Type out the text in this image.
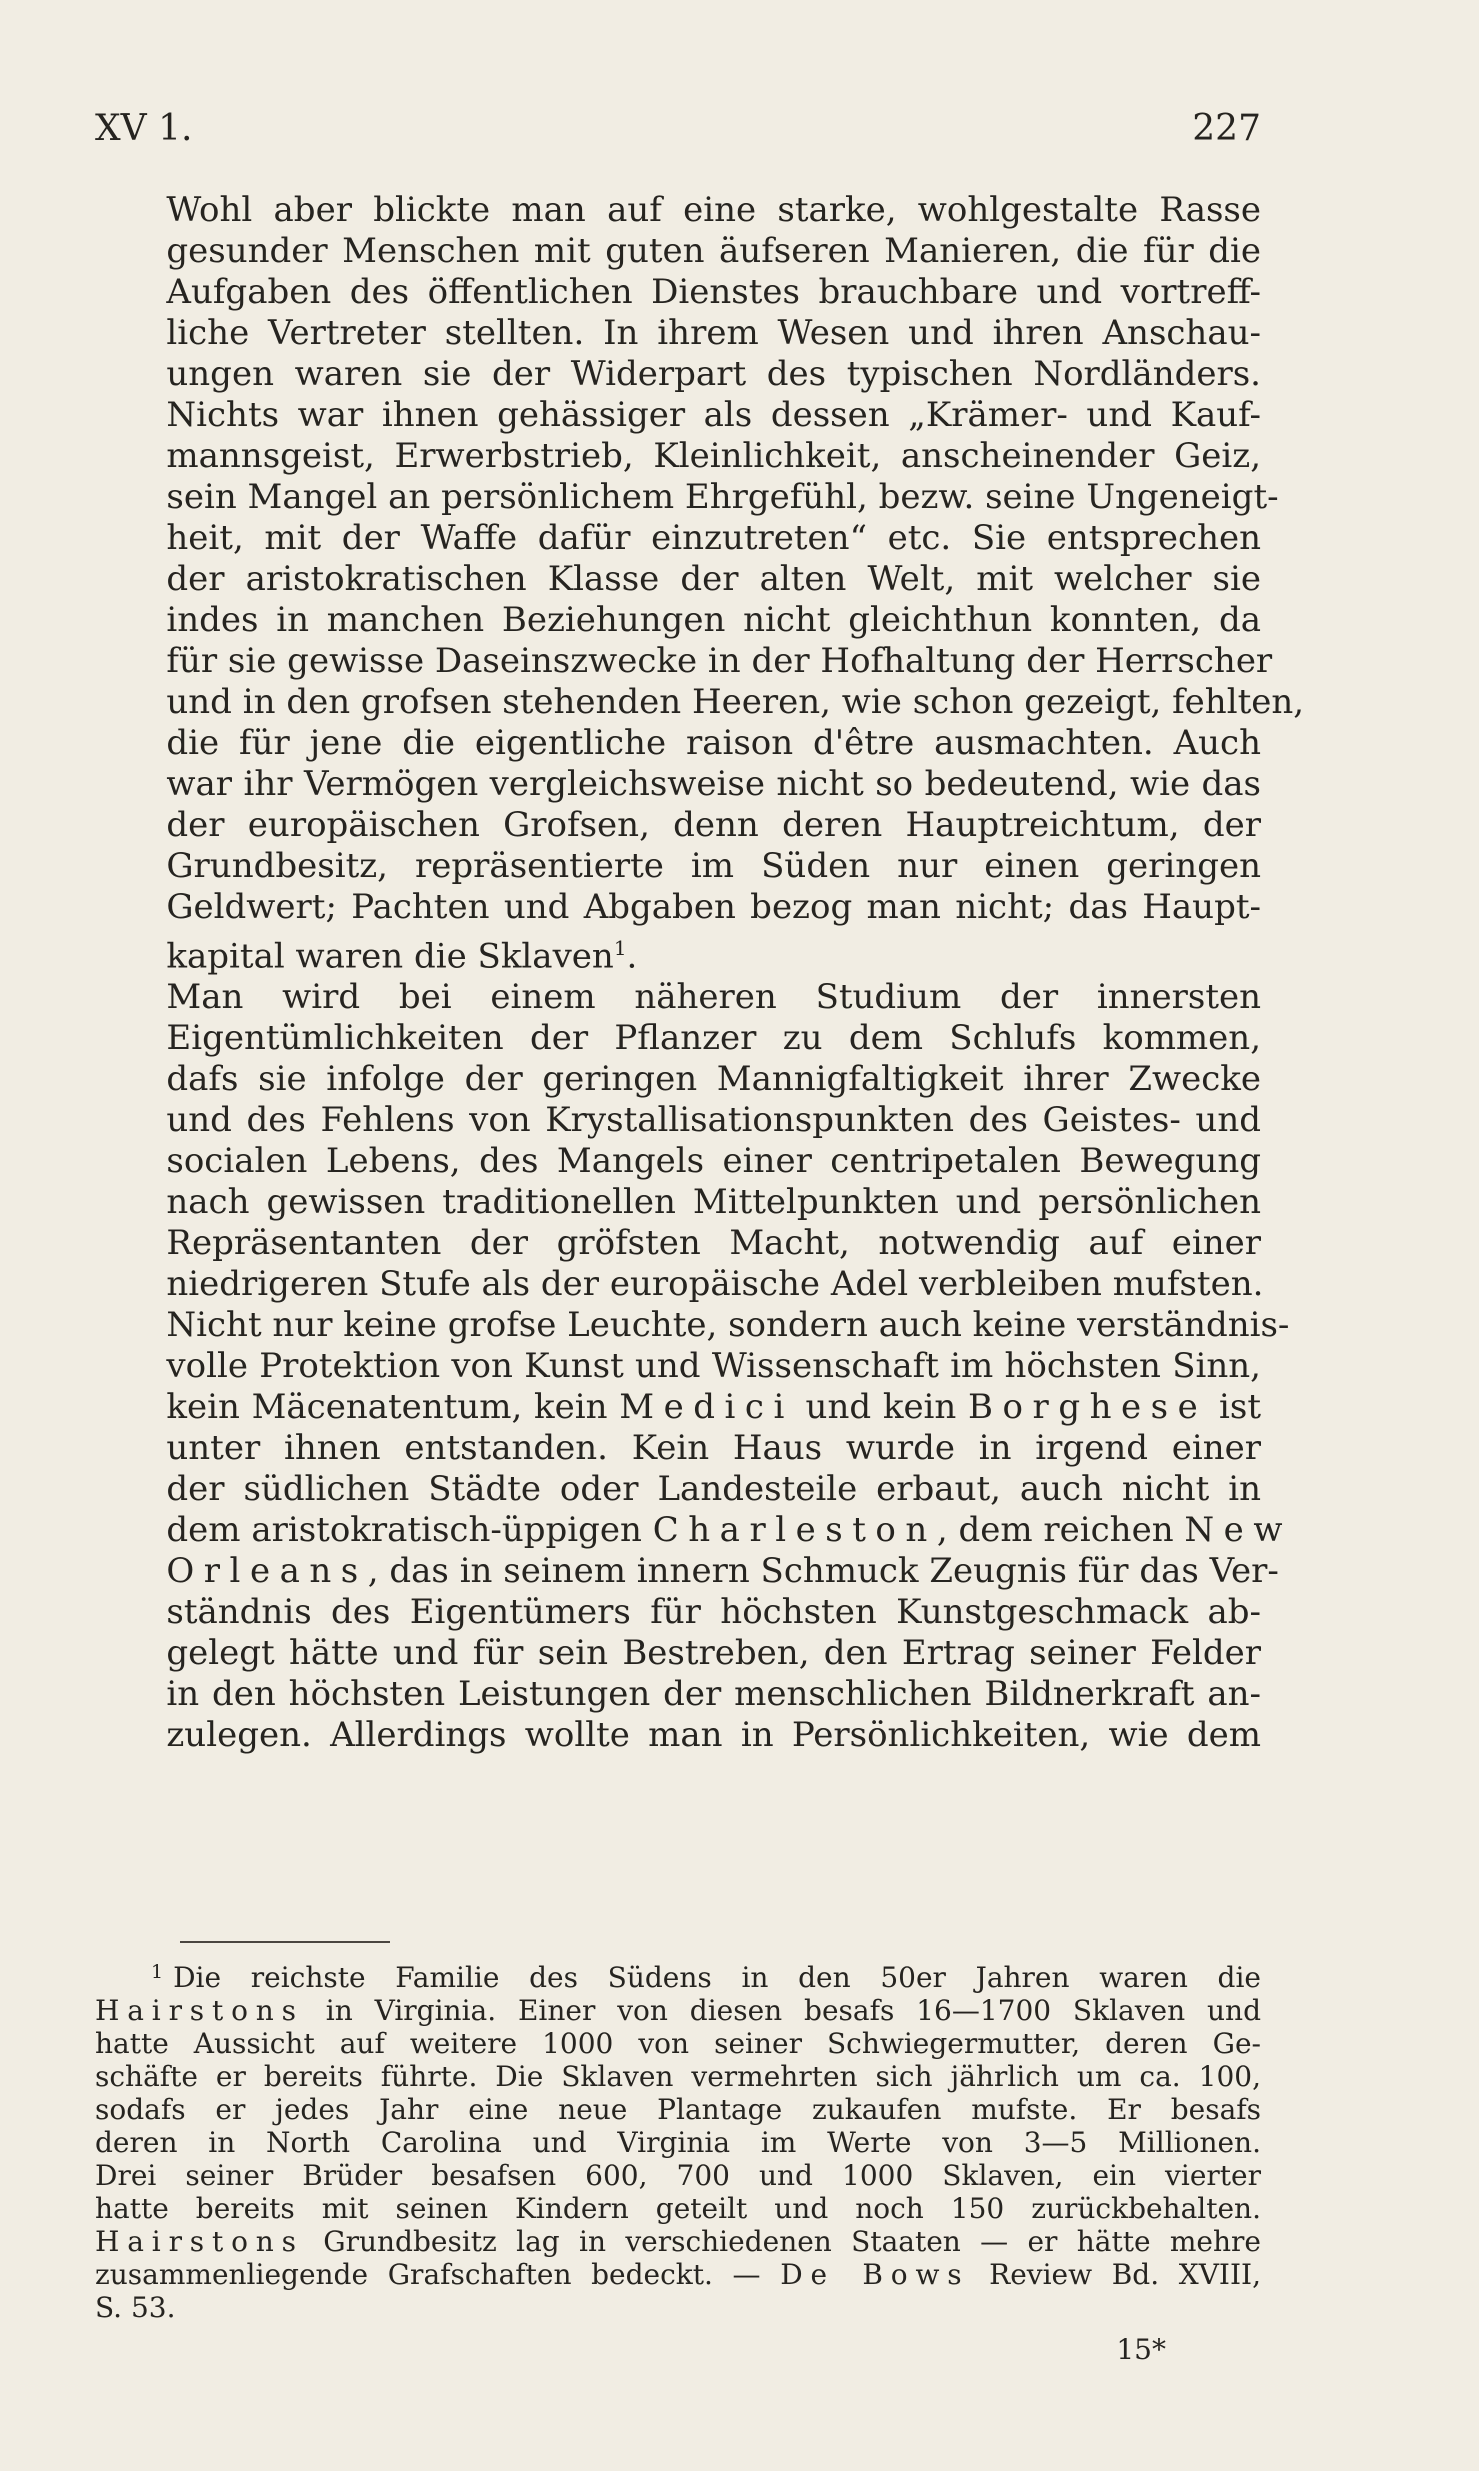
XV 1.	227

Wohl aber blickte man auf eine starke, wohlgestalte Rasse
gesunder Menschen mit guten äufseren Manieren, die für die
Aufgaben des öffentlichen Dienstes brauchbare und vortreff-
liche Vertreter stellten. In ihrem Wesen und ihren Anschau-
ungen waren sie der Widerpart des typischen Nordländers.
Nichts war ihnen gehässiger als dessen „Krämer- und Kauf-
mannsgeist, Erwerbstrieb, Kleinlichkeit, anscheinender Geiz,
sein Mangel an persönlichem Ehrgefühl, bezw. seine Ungeneigt-
heit, mit der Waffe dafür einzutreten“ etc. Sie entsprechen
der aristokratischen Klasse der alten Welt, mit welcher sie
indes in manchen Beziehungen nicht gleichthun konnten, da
für sie gewisse Daseinszwecke in der Hofhaltung der Herrscher
und in den grofsen stehenden Heeren, wie schon gezeigt, fehlten,
die für jene die eigentliche raison d'être ausmachten. Auch
war ihr Vermögen vergleichsweise nicht so bedeutend, wie das
der europäischen Grofsen, denn deren Hauptreichtum, der
Grundbesitz, repräsentierte im Süden nur einen geringen
Geldwert; Pachten und Abgaben bezog man nicht; das Haupt-
kapital waren die Sklaven$^1$.

Man wird bei einem näheren Studium der innersten
Eigentümlichkeiten der Pflanzer zu dem Schlufs kommen,
dafs sie infolge der geringen Mannigfaltigkeit ihrer Zwecke
und des Fehlens von Krystallisationspunkten des Geistes- und
socialen Lebens, des Mangels einer centripetalen Bewegung
nach gewissen traditionellen Mittelpunkten und persönlichen
Repräsentanten der gröfsten Macht, notwendig auf einer
niedrigeren Stufe als der europäische Adel verbleiben mufsten.
Nicht nur keine grofse Leuchte, sondern auch keine verständnis-
volle Protektion von Kunst und Wissenschaft im höchsten Sinn,
kein Mäcenatentum, kein Medici und kein Borghese ist
unter ihnen entstanden. Kein Haus wurde in irgend einer
der südlichen Städte oder Landesteile erbaut, auch nicht in
dem aristokratisch-üppigen Charleston, dem reichen New
Orleans, das in seinem innern Schmuck Zeugnis für das Ver-
ständnis des Eigentümers für höchsten Kunstgeschmack ab-
gelegt hätte und für sein Bestreben, den Ertrag seiner Felder
in den höchsten Leistungen der menschlichen Bildnerkraft an-
zulegen. Allerdings wollte man in Persönlichkeiten, wie dem

$^1$ Die reichste Familie des Südens in den 50er Jahren waren die
Hairstons in Virginia. Einer von diesen besafs 16—1700 Sklaven und
hatte Aussicht auf weitere 1000 von seiner Schwiegermutter, deren Ge-
schäfte er bereits führte. Die Sklaven vermehrten sich jährlich um ca. 100,
sodafs er jedes Jahr eine neue Plantage zukaufen mufste. Er besafs
deren in North Carolina und Virginia im Werte von 3—5 Millionen.
Drei seiner Brüder besafsen 600, 700 und 1000 Sklaven, ein vierter
hatte bereits mit seinen Kindern geteilt und noch 150 zurückbehalten.
Hairstons Grundbesitz lag in verschiedenen Staaten — er hätte mehre
zusammenliegende Grafschaften bedeckt. — De Bows Review Bd. XVIII,
S. 53.
15*
